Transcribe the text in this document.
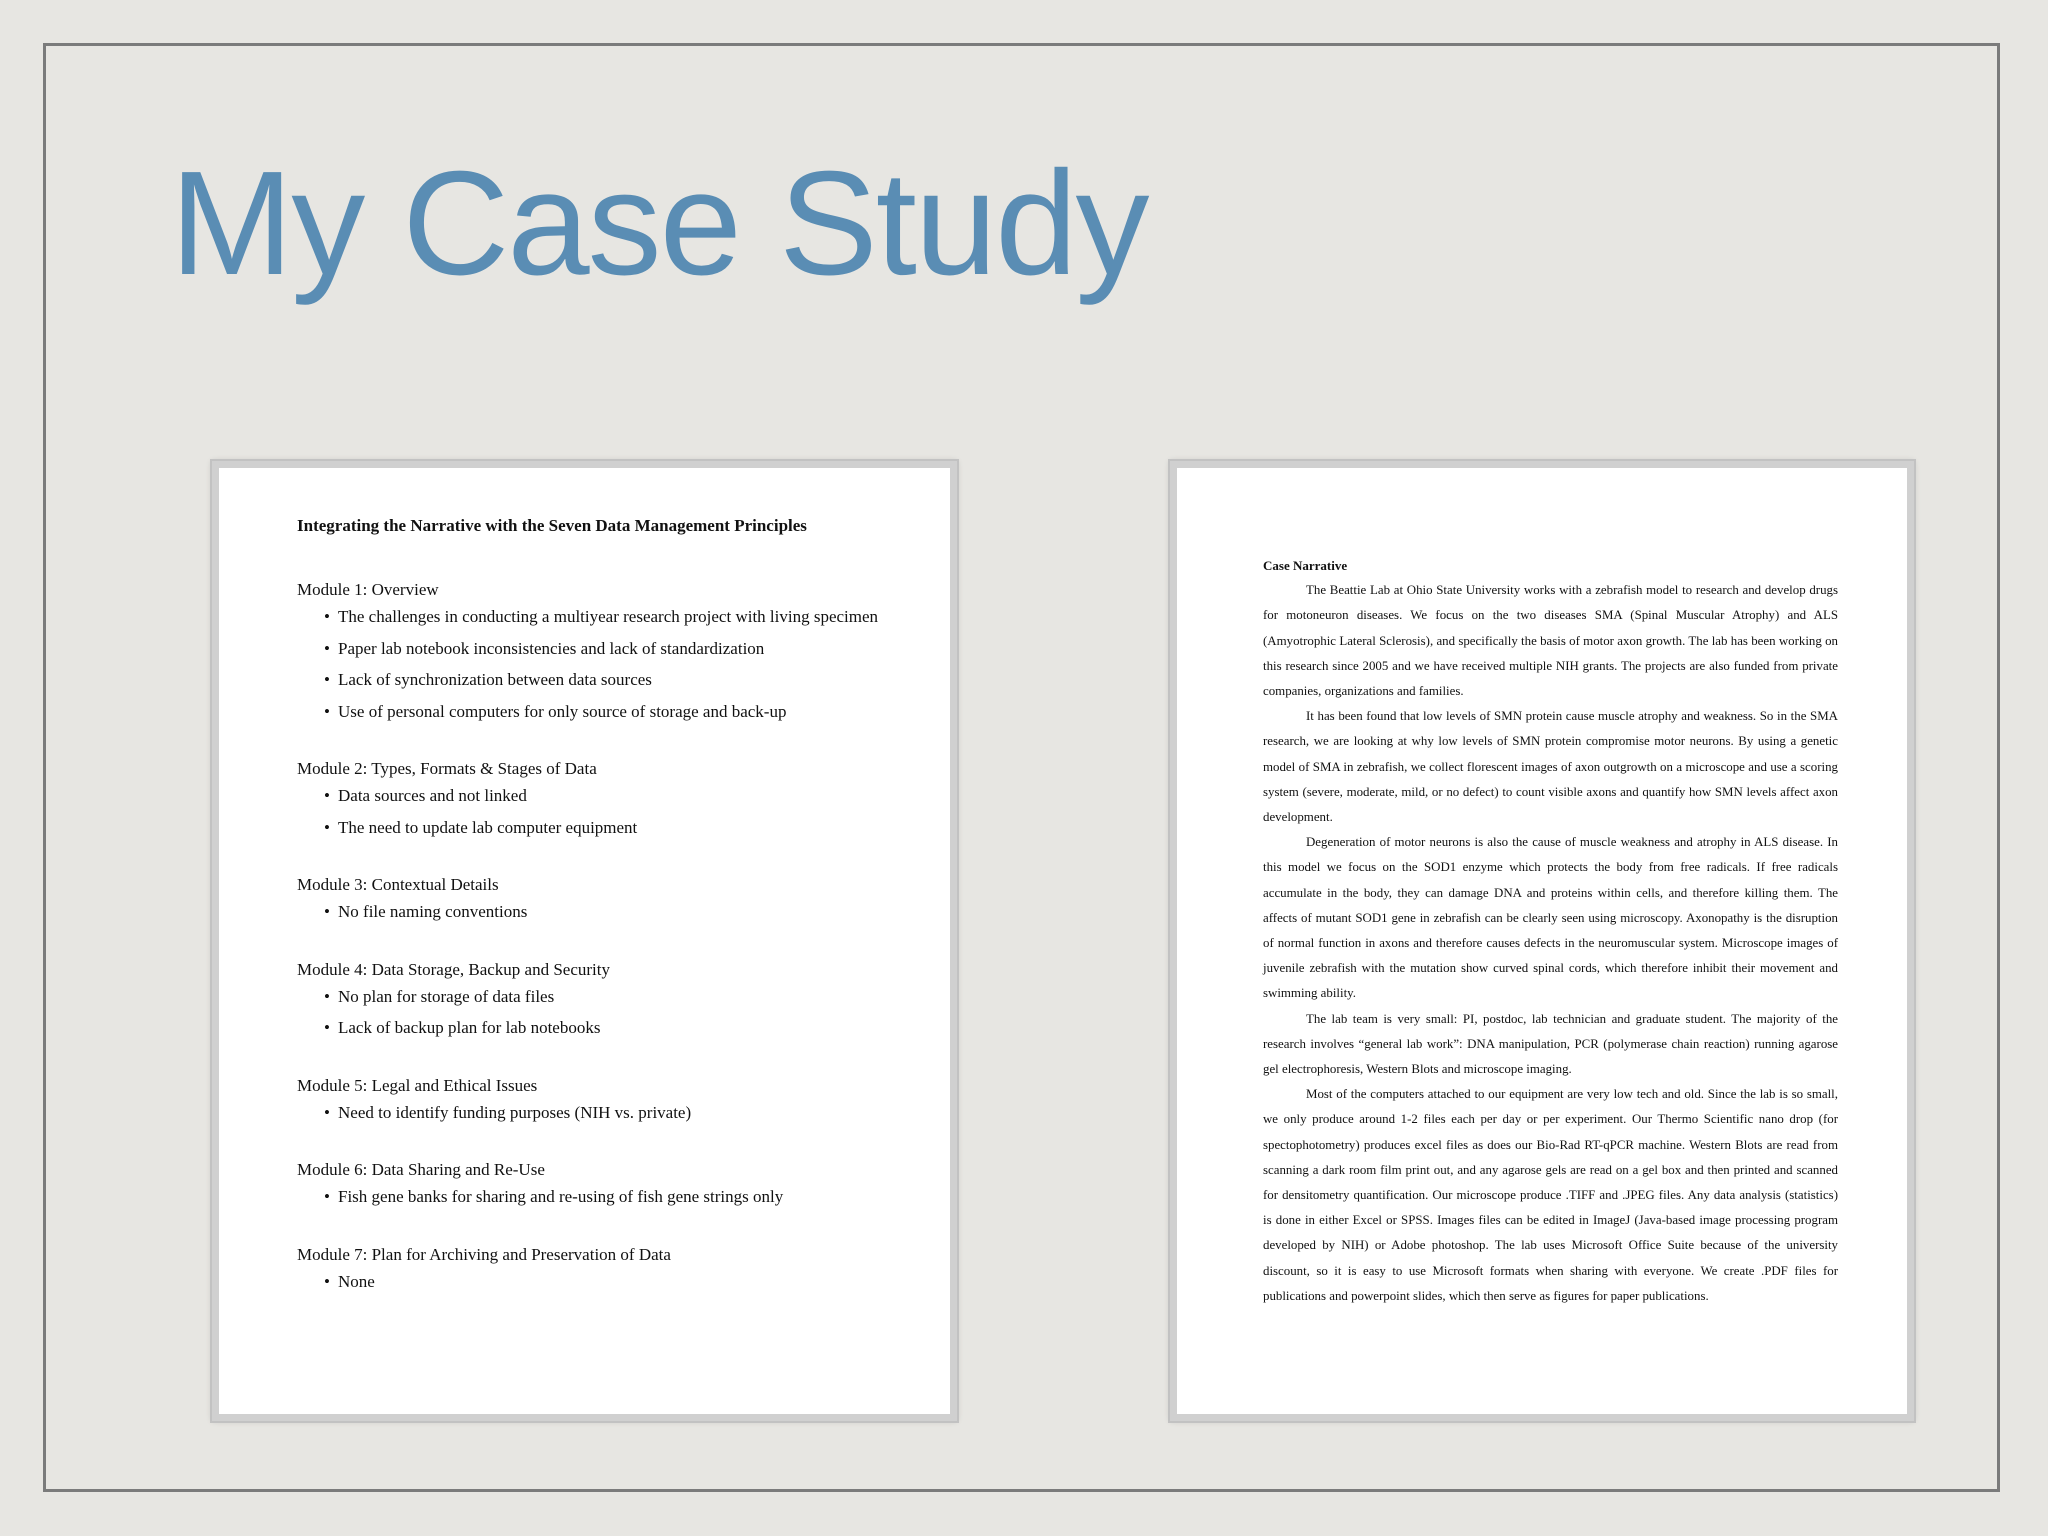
My Case Study

Integrating the Narrative with the Seven Data Management Principles

Module 1: Overview

• The challenges in conducting a multiyear research project with living specimen
• Paper lab notebook inconsistencies and lack of standardization
• Lack of synchronization between data sources
• Use of personal computers for only source of storage and back-up

Module 2: Types, Formats & Stages of Data

• Data sources and not linked
• The need to update lab computer equipment

Module 3: Contextual Details

• No file naming conventions

Module 4: Data Storage, Backup and Security

• No plan for storage of data files
• Lack of backup plan for lab notebooks

Module 5: Legal and Ethical Issues

• Need to identify funding purposes (NIH vs. private)

Module 6: Data Sharing and Re-Use

• Fish gene banks for sharing and re-using of fish gene strings only

Module 7: Plan for Archiving and Preservation of Data

• None

Case Narrative

The Beattie Lab at Ohio State University works with a zebrafish model to research and develop drugs for motoneuron diseases. We focus on the two diseases SMA (Spinal Muscular Atrophy) and ALS (Amyotrophic Lateral Sclerosis), and specifically the basis of motor axon growth. The lab has been working on this research since 2005 and we have received multiple NIH grants. The projects are also funded from private companies, organizations and families.

It has been found that low levels of SMN protein cause muscle atrophy and weakness. So in the SMA research, we are looking at why low levels of SMN protein compromise motor neurons. By using a genetic model of SMA in zebrafish, we collect florescent images of axon outgrowth on a microscope and use a scoring system (severe, moderate, mild, or no defect) to count visible axons and quantify how SMN levels affect axon development.

Degeneration of motor neurons is also the cause of muscle weakness and atrophy in ALS disease. In this model we focus on the SOD1 enzyme which protects the body from free radicals. If free radicals accumulate in the body, they can damage DNA and proteins within cells, and therefore killing them. The affects of mutant SOD1 gene in zebrafish can be clearly seen using microscopy. Axonopathy is the disruption of normal function in axons and therefore causes defects in the neuromuscular system. Microscope images of juvenile zebrafish with the mutation show curved spinal cords, which therefore inhibit their movement and swimming ability.

The lab team is very small: PI, postdoc, lab technician and graduate student. The majority of the research involves “general lab work”: DNA manipulation, PCR (polymerase chain reaction) running agarose gel electrophoresis, Western Blots and microscope imaging.

Most of the computers attached to our equipment are very low tech and old. Since the lab is so small, we only produce around 1-2 files each per day or per experiment. Our Thermo Scientific nano drop (for spectophotometry) produces excel files as does our Bio-Rad RT-qPCR machine. Western Blots are read from scanning a dark room film print out, and any agarose gels are read on a gel box and then printed and scanned for densitometry quantification. Our microscope produce .TIFF and .JPEG files. Any data analysis (statistics) is done in either Excel or SPSS. Images files can be edited in ImageJ (Java-based image processing program developed by NIH) or Adobe photoshop. The lab uses Microsoft Office Suite because of the university discount, so it is easy to use Microsoft formats when sharing with everyone. We create .PDF files for publications and powerpoint slides, which then serve as figures for paper publications.
